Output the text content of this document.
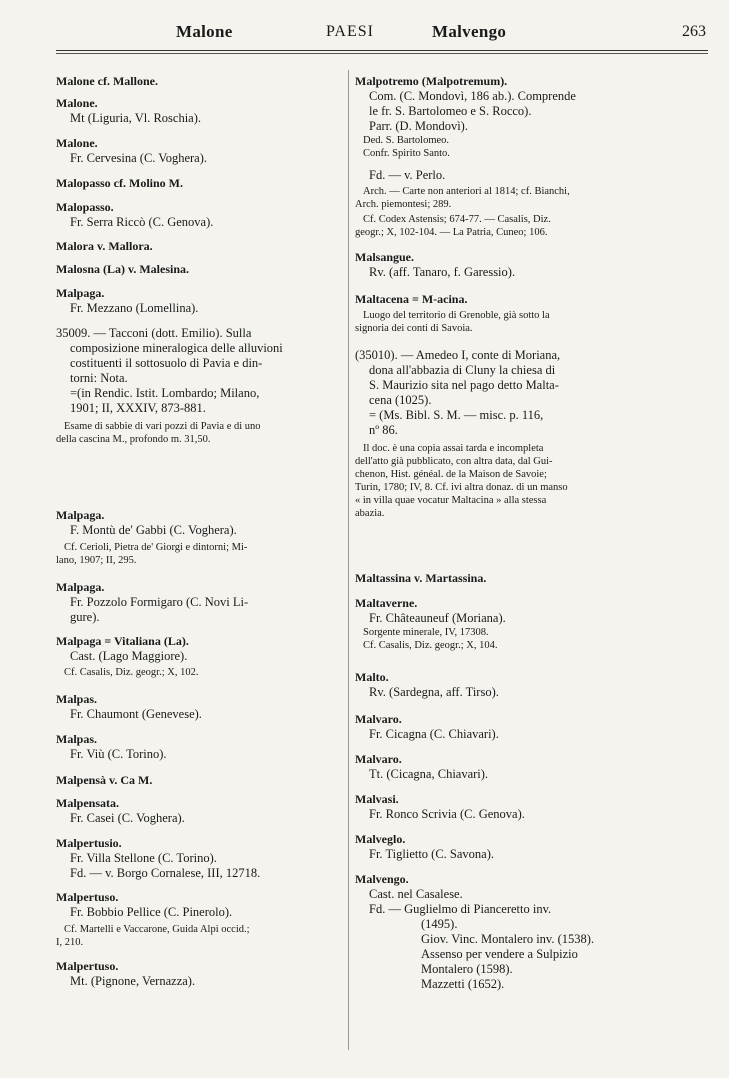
Malone	PAESI	Malvengo	263
Malone cf. Mallone.
Malone.
Mt (Liguria, Vl. Roschia).
Malone.
Fr. Cervesina (C. Voghera).
Malopasso cf. Molino M.
Malopasso.
Fr. Serra Riccò (C. Genova).
Malora v. Mallora.
Malosna (La) v. Malesina.
Malpaga.
Fr. Mezzano (Lomellina).
35009. — Tacconi (dott. Emilio). Sulla
composizione mineralogica delle alluvioni
costituenti il sottosuolo di Pavia e din-
torni: Nota.
=(in Rendic. Istit. Lombardo; Milano,
1901; II, XXXIV, 873-881.
Esame di sabbie di vari pozzi di Pavia e di uno
della cascina M., profondo m. 31,50.
Malpaga.
F. Montù de' Gabbi (C. Voghera).
Cf. Cerioli, Pietra de' Giorgi e dintorni; Mi-
lano, 1907; II, 295.
Malpaga.
Fr. Pozzolo Formigaro (C. Novi Li-
gure).
Malpaga = Vitaliana (La).
Cast. (Lago Maggiore).
Cf. Casalis, Diz. geogr.; X, 102.
Malpas.
Fr. Chaumont (Genevese).
Malpas.
Fr. Viù (C. Torino).
Malpensà v. Ca M.
Malpensata.
Fr. Casei (C. Voghera).
Malpertusio.
Fr. Villa Stellone (C. Torino).
Fd. — v. Borgo Cornalese, III, 12718.
Malpertuso.
Fr. Bobbio Pellice (C. Pinerolo).
Cf. Martelli e Vaccarone, Guida Alpi occid.;
I, 210.
Malpertuso.
Mt. (Pignone, Vernazza).
Malpotremo (Malpotremum).
Com. (C. Mondovì, 186 ab.). Comprende
le fr. S. Bartolomeo e S. Rocco).
Parr. (D. Mondovì).
Ded. S. Bartolomeo.
Confr. Spirito Santo.
Fd. — v. Perlo.
Arch. — Carte non anteriori al 1814; cf. Bianchi,
Arch. piemontesi; 289.
Cf. Codex Astensis; 674-77. — Casalis, Diz.
geogr.; X, 102-104. — La Patria, Cuneo; 106.
Malsangue.
Rv. (aff. Tanaro, f. Garessio).
Maltacena = M-acina.
Luogo del territorio di Grenoble, già sotto la
signoria dei conti di Savoia.
(35010). — Amedeo I, conte di Moriana,
dona all'abbazia di Cluny la chiesa di
S. Maurizio sita nel pago detto Malta-
cena (1025).
= (Ms. Bibl. S. M. — misc. p. 116,
nº 86.
Il doc. è una copia assai tarda e incompleta
dell'atto già pubblicato, con altra data, dal Gui-
chenon, Hist. généal. de la Maison de Savoie;
Turin, 1780; IV, 8. Cf. ivi altra donaz. di un manso
« in villa quae vocatur Maltacina » alla stessa
abazia.
Maltassina v. Martassina.
Maltaverne.
Fr. Châteauneuf (Moriana).
Sorgente minerale, IV, 17308.
Cf. Casalis, Diz. geogr.; X, 104.
Malto.
Rv. (Sardegna, aff. Tirso).
Malvaro.
Fr. Cicagna (C. Chiavari).
Malvaro.
Tt. (Cicagna, Chiavari).
Malvasi.
Fr. Ronco Scrivia (C. Genova).
Malveglo.
Fr. Tiglietto (C. Savona).
Malvengo.
Cast. nel Casalese.
Fd. — Guglielmo di Pianceretto inv.
(1495).
Giov. Vinc. Montalero inv. (1538).
Assenso per vendere a Sulpizio
Montalero (1598).
Mazzetti (1652).
